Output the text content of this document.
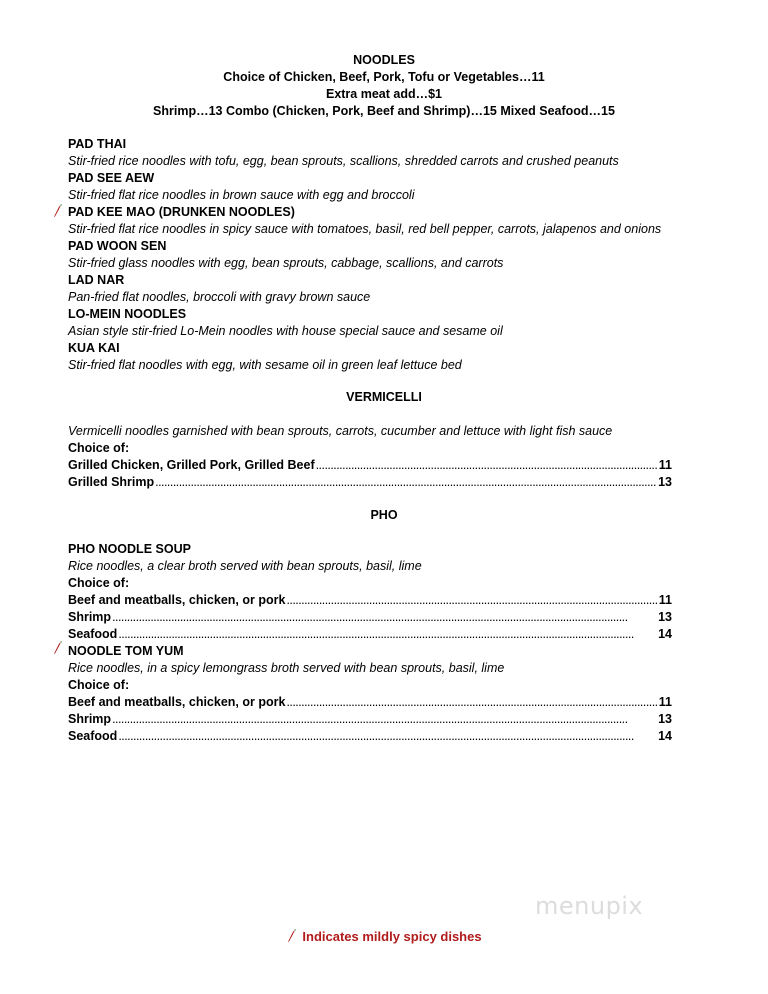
NOODLES
Choice of Chicken, Beef, Pork, Tofu or Vegetables…11
Extra meat add…$1
Shrimp…13 Combo (Chicken, Pork, Beef and Shrimp)…15 Mixed Seafood…15
PAD THAI
Stir-fried rice noodles with tofu, egg, bean sprouts, scallions, shredded carrots and crushed peanuts
PAD SEE AEW
Stir-fried flat rice noodles in brown sauce with egg and broccoli
PAD KEE MAO (DRUNKEN NOODLES)
Stir-fried flat rice noodles in spicy sauce with tomatoes, basil, red bell pepper, carrots, jalapenos and onions
PAD WOON SEN
Stir-fried glass noodles with egg, bean sprouts, cabbage, scallions, and carrots
LAD NAR
Pan-fried flat noodles, broccoli with gravy brown sauce
LO-MEIN NOODLES
Asian style stir-fried Lo-Mein noodles with house special sauce and sesame oil
KUA KAI
Stir-fried flat noodles with egg, with sesame oil in green leaf lettuce bed
VERMICELLI
Vermicelli noodles garnished with bean sprouts, carrots, cucumber and lettuce with light fish sauce
Choice of:
Grilled Chicken, Grilled Pork, Grilled Beef . . .	11
Grilled Shrimp . . .	13
PHO
PHO NOODLE SOUP
Rice noodles, a clear broth served with bean sprouts, basil, lime
Choice of:
Beef and meatballs, chicken, or pork . . .	11
Shrimp . . .	13
Seafood . . .	14
NOODLE TOM YUM
Rice noodles, in a spicy lemongrass broth served with bean sprouts, basil, lime
Choice of:
Beef and meatballs, chicken, or pork . . .	11
Shrimp . . .	13
Seafood . . .	14
menupix
Indicates mildly spicy dishes
